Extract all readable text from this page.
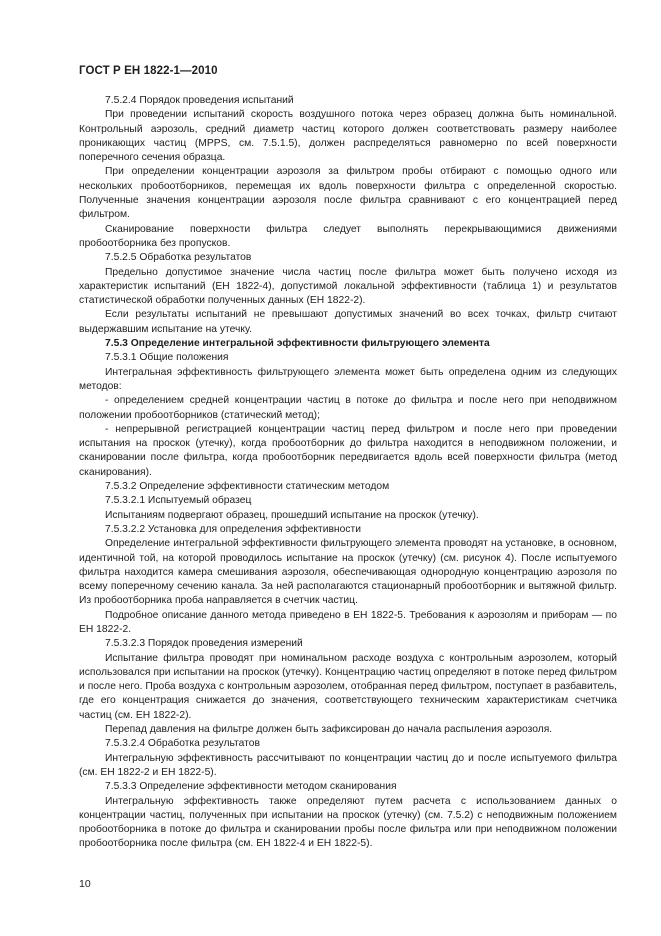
ГОСТ Р ЕН 1822-1—2010

7.5.2.4 Порядок проведения испытаний

При проведении испытаний скорость воздушного потока через образец должна быть номинальной. Контрольный аэрозоль, средний диаметр частиц которого должен соответствовать размеру наиболее проникающих частиц (MPPS, см. 7.5.1.5), должен распределяться равномерно по всей поверхности поперечного сечения образца.

При определении концентрации аэрозоля за фильтром пробы отбирают с помощью одного или нескольких пробоотборников, перемещая их вдоль поверхности фильтра с определенной скоростью. Полученные значения концентрации аэрозоля после фильтра сравнивают с его концентрацией перед фильтром.

Сканирование поверхности фильтра следует выполнять перекрывающимися движениями пробоотборника без пропусков.

7.5.2.5 Обработка результатов

Предельно допустимое значение числа частиц после фильтра может быть получено исходя из характеристик испытаний (ЕН 1822-4), допустимой локальной эффективности (таблица 1) и результатов статистической обработки полученных данных (ЕН 1822-2).

Если результаты испытаний не превышают допустимых значений во всех точках, фильтр считают выдержавшим испытание на утечку.

7.5.3 Определение интегральной эффективности фильтрующего элемента

7.5.3.1 Общие положения

Интегральная эффективность фильтрующего элемента может быть определена одним из следующих методов:

- определением средней концентрации частиц в потоке до фильтра и после него при неподвижном положении пробоотборников (статический метод);

- непрерывной регистрацией концентрации частиц перед фильтром и после него при проведении испытания на проскок (утечку), когда пробоотборник до фильтра находится в неподвижном положении, и сканировании после фильтра, когда пробоотборник передвигается вдоль всей поверхности фильтра (метод сканирования).

7.5.3.2 Определение эффективности статическим методом

7.5.3.2.1 Испытуемый образец

Испытаниям подвергают образец, прошедший испытание на проскок (утечку).

7.5.3.2.2 Установка для определения эффективности

Определение интегральной эффективности фильтрующего элемента проводят на установке, в основном, идентичной той, на которой проводилось испытание на проскок (утечку) (см. рисунок 4). После испытуемого фильтра находится камера смешивания аэрозоля, обеспечивающая однородную концентрацию аэрозоля по всему поперечному сечению канала. За ней располагаются стационарный пробоотборник и вытяжной фильтр. Из пробоотборника проба направляется в счетчик частиц.

Подробное описание данного метода приведено в ЕН 1822-5. Требования к аэрозолям и приборам — по ЕН 1822-2.

7.5.3.2.3 Порядок проведения измерений

Испытание фильтра проводят при номинальном расходе воздуха с контрольным аэрозолем, который использовался при испытании на проскок (утечку). Концентрацию частиц определяют в потоке перед фильтром и после него. Проба воздуха с контрольным аэрозолем, отобранная перед фильтром, поступает в разбавитель, где его концентрация снижается до значения, соответствующего техническим характеристикам счетчика частиц (см. ЕН 1822-2).

Перепад давления на фильтре должен быть зафиксирован до начала распыления аэрозоля.

7.5.3.2.4 Обработка результатов

Интегральную эффективность рассчитывают по концентрации частиц до и после испытуемого фильтра (см. ЕН 1822-2 и ЕН 1822-5).

7.5.3.3 Определение эффективности методом сканирования

Интегральную эффективность также определяют путем расчета с использованием данных о концентрации частиц, полученных при испытании на проскок (утечку) (см. 7.5.2) с неподвижным положением пробоотборника в потоке до фильтра и сканировании пробы после фильтра или при неподвижном положении пробоотборника после фильтра (см. ЕН 1822-4 и ЕН 1822-5).

10
